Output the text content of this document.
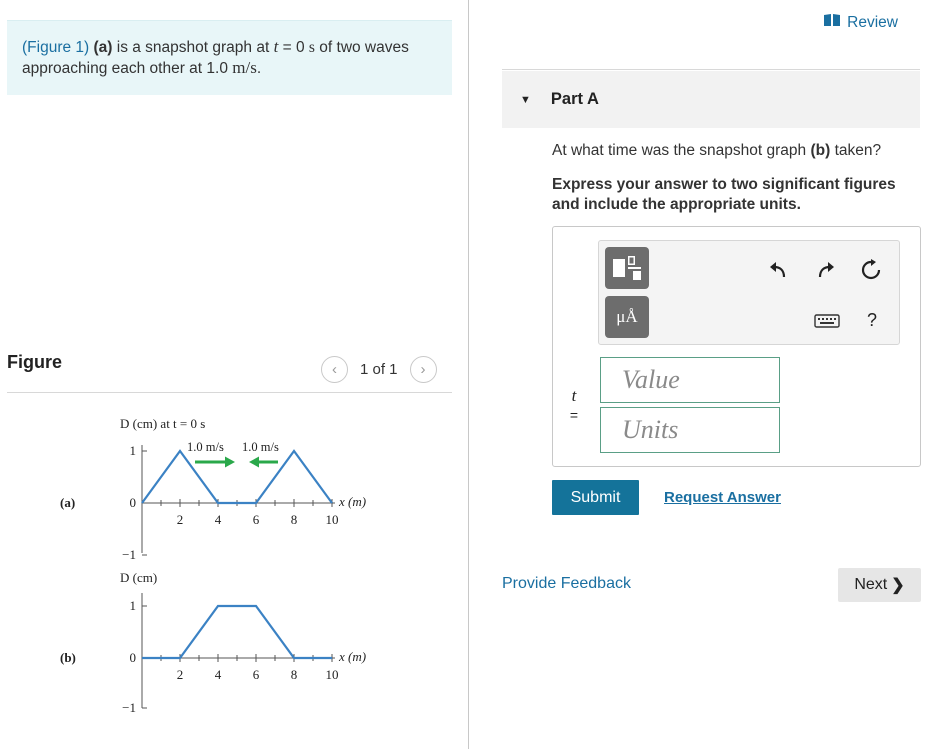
(Figure 1) (a) is a snapshot graph at t = 0 s of two waves
approaching each other at 1.0 m/s.
Figure	‹	1 of 1	›
(a)
D (cm) at t = 0 s
1.0 m/s 1.0 m/s
x (m)
1
0
−1
2 4 6 8 10
(b)
D (cm)
x (m)
1
0
−1
2 4 6 8 10
Review
▼ Part A
At what time was the snapshot graph (b) taken?
Express your answer to two significant figures and include the appropriate units.
μÅ	?
t
=
Value
Units
Submit	Request Answer
Provide Feedback	Next ❯
